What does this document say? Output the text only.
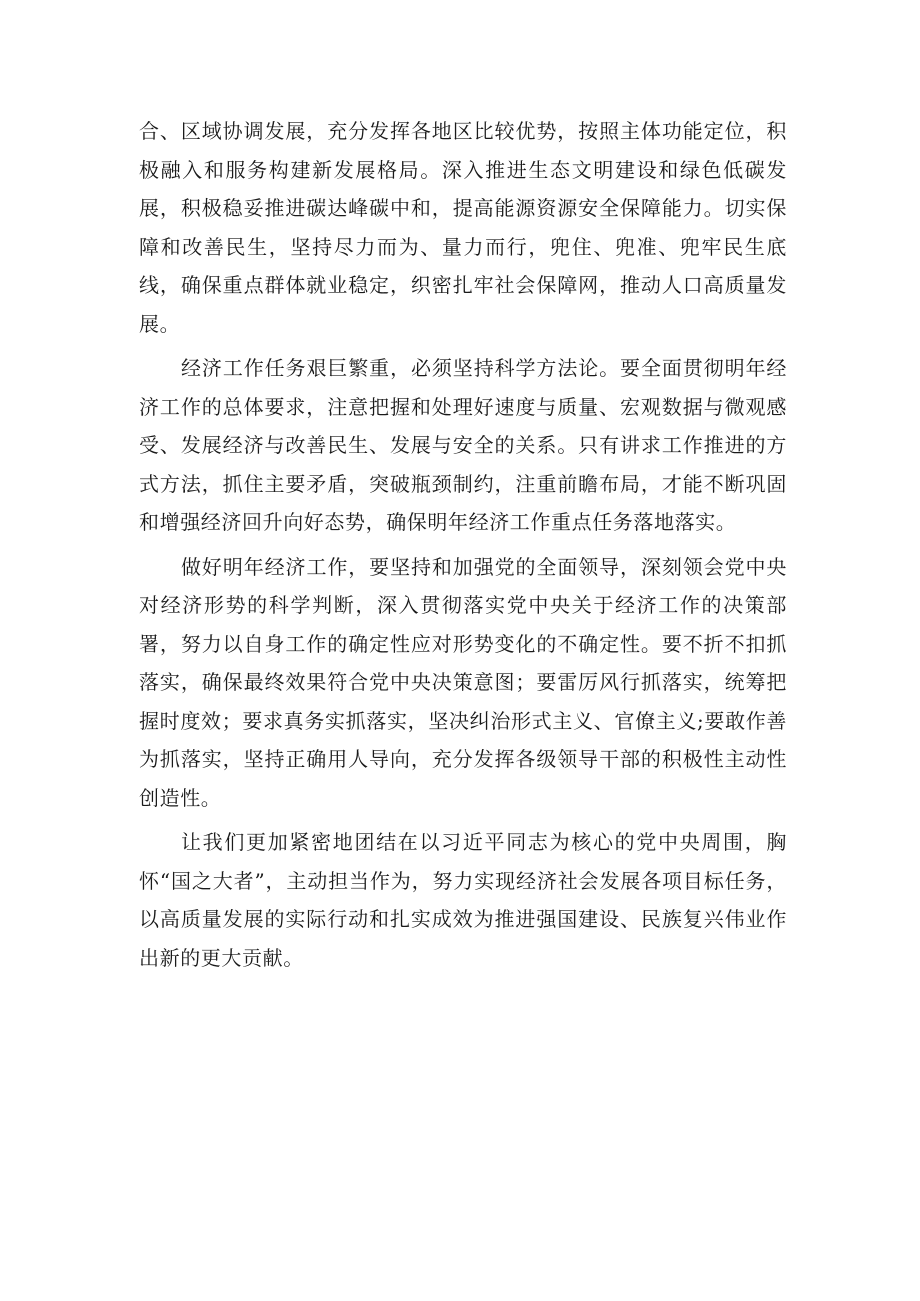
合、区域协调发展，充分发挥各地区比较优势，按照主体功能定位，积极融入和服务构建新发展格局。深入推进生态文明建设和绿色低碳发展，积极稳妥推进碳达峰碳中和，提高能源资源安全保障能力。切实保障和改善民生，坚持尽力而为、量力而行，兜住、兜准、兜牢民生底线，确保重点群体就业稳定，织密扎牢社会保障网，推动人口高质量发展。

经济工作任务艰巨繁重，必须坚持科学方法论。要全面贯彻明年经济工作的总体要求，注意把握和处理好速度与质量、宏观数据与微观感受、发展经济与改善民生、发展与安全的关系。只有讲求工作推进的方式方法，抓住主要矛盾，突破瓶颈制约，注重前瞻布局，才能不断巩固和增强经济回升向好态势，确保明年经济工作重点任务落地落实。

做好明年经济工作，要坚持和加强党的全面领导，深刻领会党中央对经济形势的科学判断，深入贯彻落实党中央关于经济工作的决策部署，努力以自身工作的确定性应对形势变化的不确定性。要不折不扣抓落实，确保最终效果符合党中央决策意图；要雷厉风行抓落实，统筹把握时度效；要求真务实抓落实，坚决纠治形式主义、官僚主义;要敢作善为抓落实，坚持正确用人导向，充分发挥各级领导干部的积极性主动性创造性。

让我们更加紧密地团结在以习近平同志为核心的党中央周围，胸怀“国之大者”，主动担当作为，努力实现经济社会发展各项目标任务，以高质量发展的实际行动和扎实成效为推进强国建设、民族复兴伟业作出新的更大贡献。
